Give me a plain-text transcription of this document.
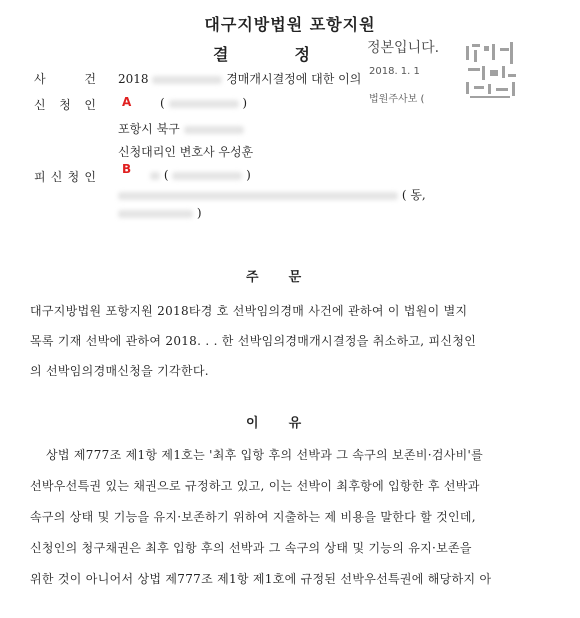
대구지방법원 포항지원
결	정	정본입니다.
2018. 1. 1
법원주사보 (
사	건 2018	경매개시결정에 대한 이의
신 청 인 A (	)
포항시 북구
신청대리인 변호사 우성훈
피 신 청 인
B	(	)
( 동,
)
주 문
대구지방법원 포항지원 2018타경 호 선박임의경매 사건에 관하여 이 법원이 별지
목록 기재 선박에 관하여 2018. . . 한 선박임의경매개시결정을 취소하고, 피신청인
의 선박임의경매신청을 기각한다.
이 유
상법 제777조 제1항 제1호는 '최후 입항 후의 선박과 그 속구의 보존비·검사비'를
선박우선특권 있는 채권으로 규정하고 있고, 이는 선박이 최후항에 입항한 후 선박과
속구의 상태 및 기능을 유지·보존하기 위하여 지출하는 제 비용을 말한다 할 것인데,
신청인의 청구채권은 최후 입항 후의 선박과 그 속구의 상태 및 기능의 유지·보존을
위한 것이 아니어서 상법 제777조 제1항 제1호에 규정된 선박우선특권에 해당하지 아
